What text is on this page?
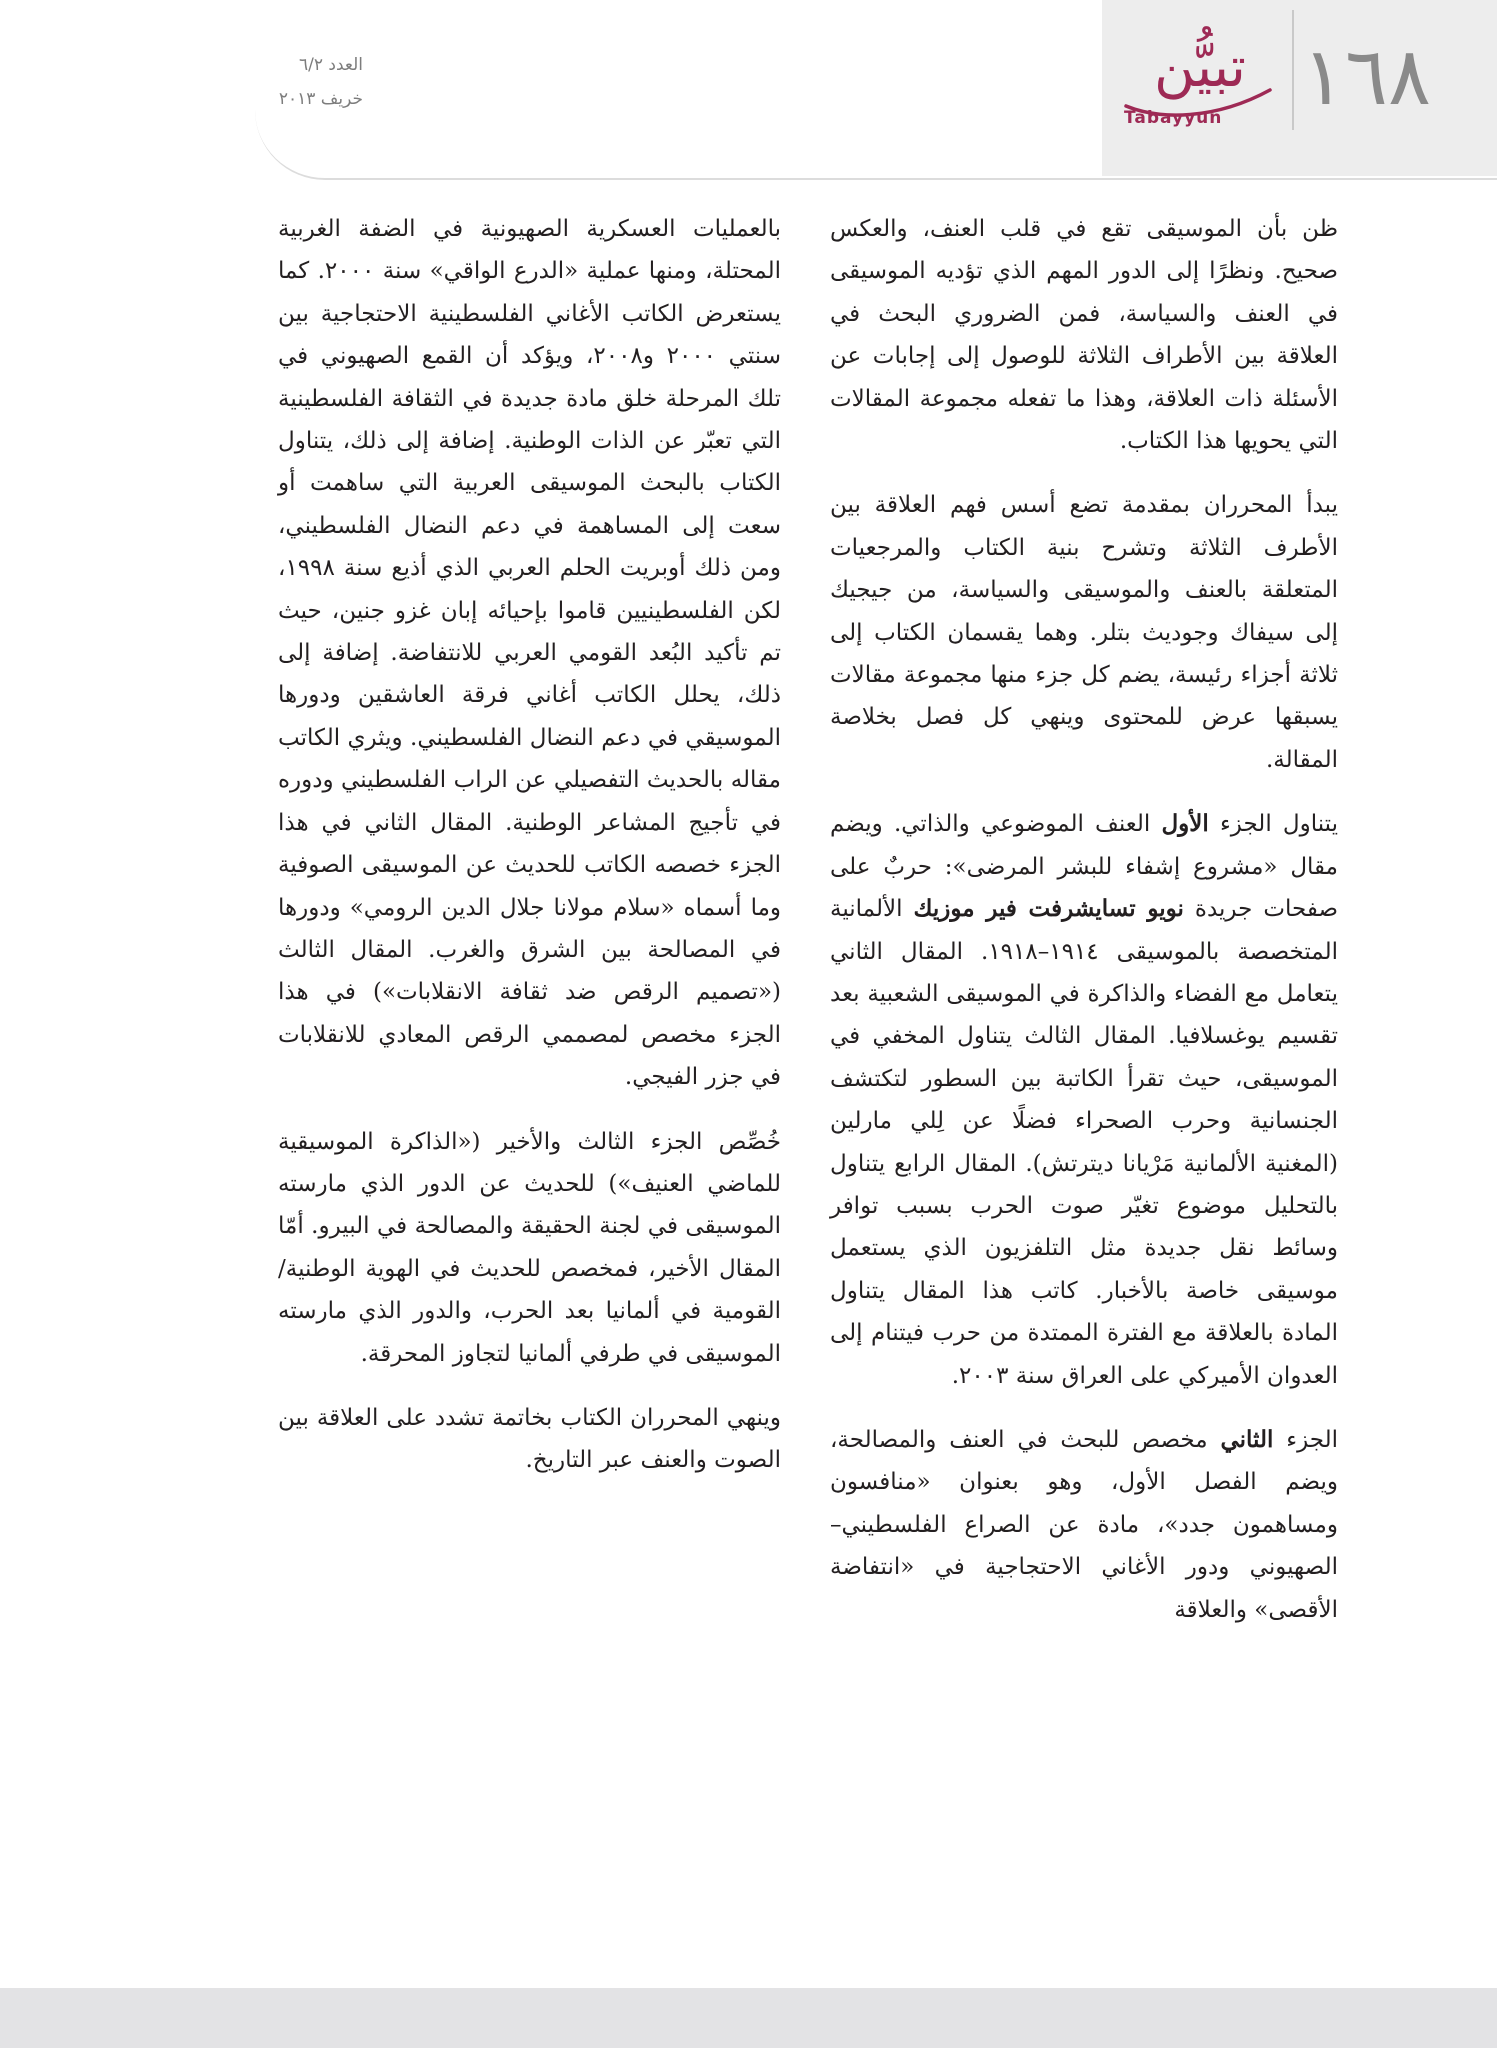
١٦٨
تبيُّن
Tabayyun
العدد ٦/٢
خريف ٢٠١٣

ظن بأن الموسيقى تقع في قلب العنف، والعكس صحيح. ونظرًا إلى الدور المهم الذي تؤديه الموسيقى في العنف والسياسة، فمن الضروري البحث في العلاقة بين الأطراف الثلاثة للوصول إلى إجابات عن الأسئلة ذات العلاقة، وهذا ما تفعله مجموعة المقالات التي يحويها هذا الكتاب.

يبدأ المحرران بمقدمة تضع أسس فهم العلاقة بين الأطرف الثلاثة وتشرح بنية الكتاب والمرجعيات المتعلقة بالعنف والموسيقى والسياسة، من جيجيك إلى سيفاك وجوديث بتلر. وهما يقسمان الكتاب إلى ثلاثة أجزاء رئيسة، يضم كل جزء منها مجموعة مقالات يسبقها عرض للمحتوى وينهي كل فصل بخلاصة المقالة.

يتناول الجزء الأول العنف الموضوعي والذاتي. ويضم مقال «مشروع إشفاء للبشر المرضى»: حربٌ على صفحات جريدة نويو تسايشرفت فير موزيك الألمانية المتخصصة بالموسيقى ١٩١٤–١٩١٨. المقال الثاني يتعامل مع الفضاء والذاكرة في الموسيقى الشعبية بعد تقسيم يوغسلافيا. المقال الثالث يتناول المخفي في الموسيقى، حيث تقرأ الكاتبة بين السطور لتكتشف الجنسانية وحرب الصحراء فضلًا عن لِلي مارلين (المغنية الألمانية مَرْيانا ديترتش). المقال الرابع يتناول بالتحليل موضوع تغيّر صوت الحرب بسبب توافر وسائط نقل جديدة مثل التلفزيون الذي يستعمل موسيقى خاصة بالأخبار. كاتب هذا المقال يتناول المادة بالعلاقة مع الفترة الممتدة من حرب فيتنام إلى العدوان الأميركي على العراق سنة ٢٠٠٣.

الجزء الثاني مخصص للبحث في العنف والمصالحة، ويضم الفصل الأول، وهو بعنوان «منافسون ومساهمون جدد»، مادة عن الصراع الفلسطيني–الصهيوني ودور الأغاني الاحتجاجية في «انتفاضة الأقصى» والعلاقة

بالعمليات العسكرية الصهيونية في الضفة الغربية المحتلة، ومنها عملية «الدرع الواقي» سنة ٢٠٠٠. كما يستعرض الكاتب الأغاني الفلسطينية الاحتجاجية بين سنتي ٢٠٠٠ و٢٠٠٨، ويؤكد أن القمع الصهيوني في تلك المرحلة خلق مادة جديدة في الثقافة الفلسطينية التي تعبّر عن الذات الوطنية. إضافة إلى ذلك، يتناول الكتاب بالبحث الموسيقى العربية التي ساهمت أو سعت إلى المساهمة في دعم النضال الفلسطيني، ومن ذلك أوبريت الحلم العربي الذي أذيع سنة ١٩٩٨، لكن الفلسطينيين قاموا بإحيائه إبان غزو جنين، حيث تم تأكيد البُعد القومي العربي للانتفاضة. إضافة إلى ذلك، يحلل الكاتب أغاني فرقة العاشقين ودورها الموسيقي في دعم النضال الفلسطيني. ويثري الكاتب مقاله بالحديث التفصيلي عن الراب الفلسطيني ودوره في تأجيج المشاعر الوطنية. المقال الثاني في هذا الجزء خصصه الكاتب للحديث عن الموسيقى الصوفية وما أسماه «سلام مولانا جلال الدين الرومي» ودورها في المصالحة بين الشرق والغرب. المقال الثالث («تصميم الرقص ضد ثقافة الانقلابات») في هذا الجزء مخصص لمصممي الرقص المعادي للانقلابات في جزر الفيجي.

خُصِّص الجزء الثالث والأخير («الذاكرة الموسيقية للماضي العنيف») للحديث عن الدور الذي مارسته الموسيقى في لجنة الحقيقة والمصالحة في البيرو. أمّا المقال الأخير، فمخصص للحديث في الهوية الوطنية/القومية في ألمانيا بعد الحرب، والدور الذي مارسته الموسيقى في طرفي ألمانيا لتجاوز المحرقة.

وينهي المحرران الكتاب بخاتمة تشدد على العلاقة بين الصوت والعنف عبر التاريخ.
